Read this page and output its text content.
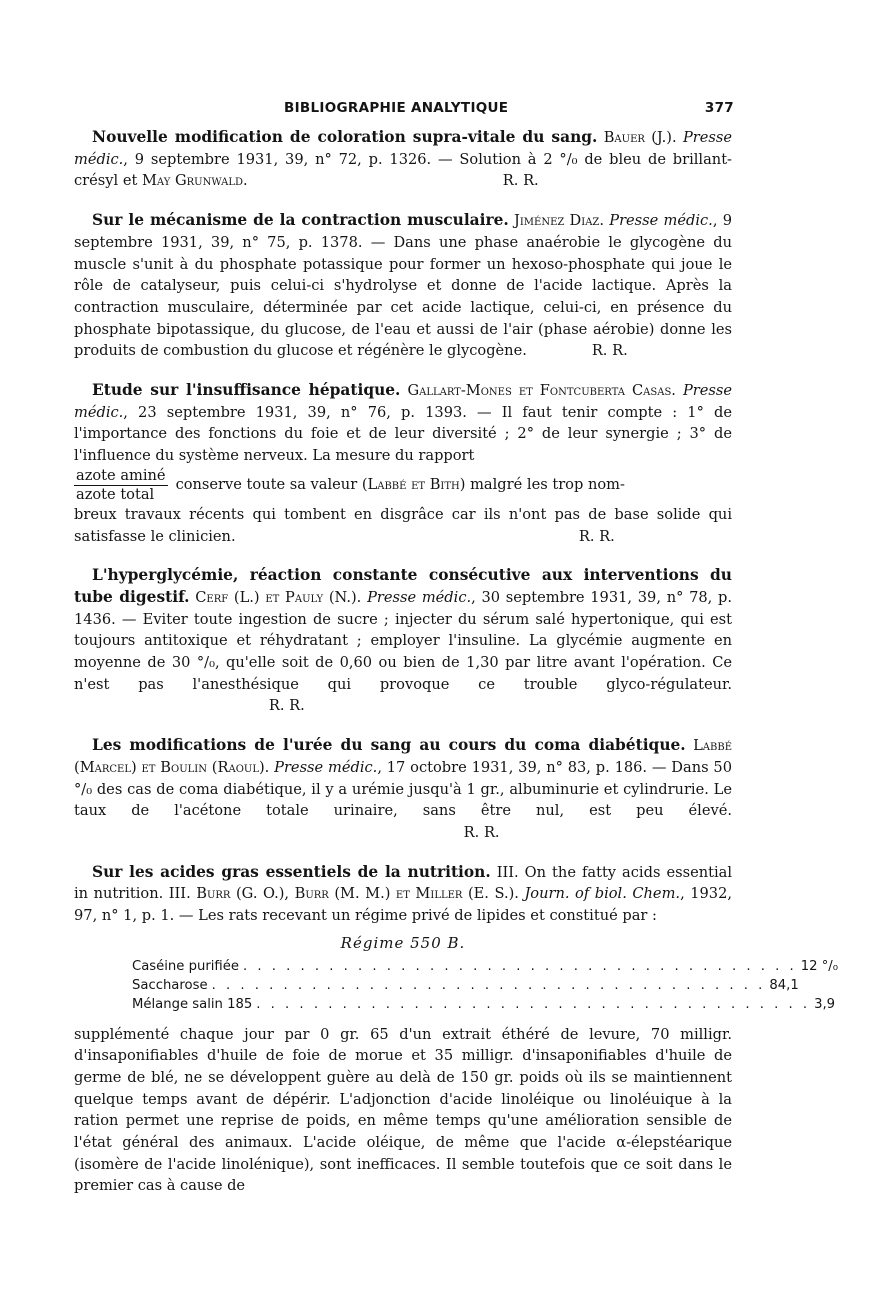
BIBLIOGRAPHIE ANALYTIQUE	377

Nouvelle modification de coloration supra-vitale du sang. Bauer (J.). Presse médic., 9 septembre 1931, 39, n° 72, p. 1326. — Solution à 2 °/₀ de bleu de brillant-crésyl et May Grunwald.	R. R.

Sur le mécanisme de la contraction musculaire. Jiménez Diaz. Presse médic., 9 septembre 1931, 39, n° 75, p. 1378. — Dans une phase anaérobie le glycogène du muscle s'unit à du phosphate potassique pour former un hexoso-phosphate qui joue le rôle de catalyseur, puis celui-ci s'hydrolyse et donne de l'acide lactique. Après la contraction musculaire, déterminée par cet acide lactique, celui-ci, en présence du phosphate bipotassique, du glucose, de l'eau et aussi de l'air (phase aérobie) donne les produits de combustion du glucose et régénère le glycogène.	R. R.

Etude sur l'insuffisance hépatique. Gallart-Mones et Fontcuberta Casas. Presse médic., 23 septembre 1931, 39, n° 76, p. 1393. — Il faut tenir compte : 1° de l'importance des fonctions du foie et de leur diversité ; 2° de leur synergie ; 3° de l'influence du système nerveux. La mesure du rapport
$\frac{\text{azote aminé}}{\text{azote total}}$ conserve toute sa valeur (Labbé et Bith) malgré les trop nom-

breux travaux récents qui tombent en disgrâce car ils n'ont pas de base solide qui satisfasse le clinicien.                                                                          R. R.

L'hyperglycémie, réaction constante consécutive aux interventions du tube digestif. Cerf (L.) et Pauly (N.). Presse médic., 30 septembre 1931, 39, n° 78, p. 1436. — Eviter toute ingestion de sucre ; injecter du sérum salé hypertonique, qui est toujours antitoxique et réhydratant ; employer l'insuline. La glycémie augmente en moyenne de 30 °/₀, qu'elle soit de 0,60 ou bien de 1,30 par litre avant l'opération. Ce n'est pas l'anesthésique qui provoque ce trouble glyco-régulateur.                                           R. R.

Les modifications de l'urée du sang au cours du coma diabétique. Labbé (Marcel) et Boulin (Raoul). Presse médic., 17 octobre 1931, 39, n° 83, p. 186. — Dans 50 °/₀ des cas de coma diabétique, il y a urémie jusqu'à 1 gr., albuminurie et cylindrurie. Le taux de l'acétone totale urinaire, sans être nul, est peu élevé.                                                                                     R. R.

Sur les acides gras essentiels de la nutrition. III. On the fatty acids essential in nutrition. III. Burr (G. O.), Burr (M. M.) et Miller (E. S.). Journ. of biol. Chem., 1932, 97, n° 1, p. 1. — Les rats recevant un régime privé de lipides et constitué par :
Régime 550 B.
Caséine purifiée . . . . . . . . . . . . . . . . . . . . . . . . . . . . . . . . . . . . . . . 12 °/₀
Saccharose . . . . . . . . . . . . . . . . . . . . . . . . . . . . . . . . . . . . . . . 84,1
Mélange salin 185 . . . . . . . . . . . . . . . . . . . . . . . . . . . . . . . . . . . . . . . 3,9

supplémenté chaque jour par 0 gr. 65 d'un extrait éthéré de levure, 70 milligr. d'insaponifiables d'huile de foie de morue et 35 milligr. d'insaponifiables d'huile de germe de blé, ne se développent guère au delà de 150 gr. poids où ils se maintiennent quelque temps avant de dépérir. L'adjonction d'acide linoléique ou linoléuique à la ration permet une reprise de poids, en même temps qu'une amélioration sensible de l'état général des animaux. L'acide oléique, de même que l'acide α-élepstéarique (isomère de l'acide linolénique), sont inefficaces. Il semble toutefois que ce soit dans le premier cas à cause de
